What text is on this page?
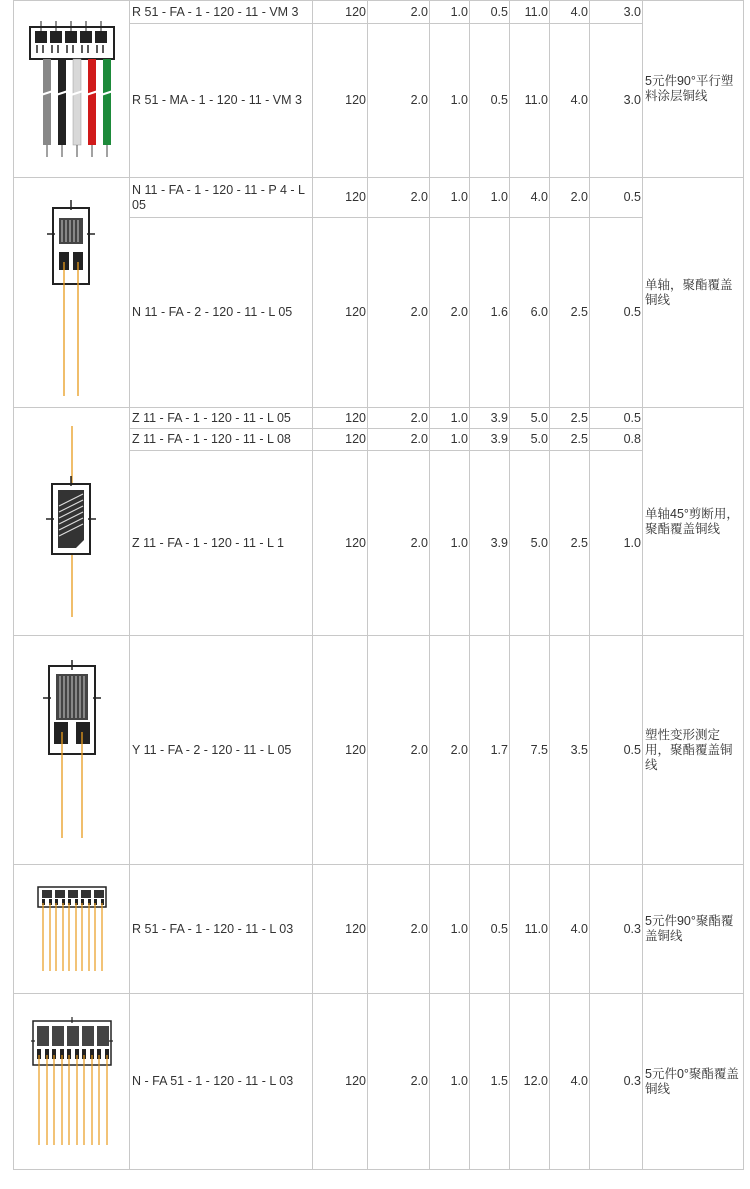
	R 51 - FA - 1 - 120 - 11 - VM 3	120	2.0	1.0	0.5	11.0	4.0	3.0	5元件90°平行塑料涂层铜线
	R 51 - MA - 1 - 120 - 11 - VM 3	120	2.0	1.0	0.5	11.0	4.0	3.0	

	N 11 - FA - 1 - 120 - 11 - P 4 - L 05	120	2.0	1.0	1.0	4.0	2.0	0.5	单轴，聚酯覆盖铜线
	N 11 - FA - 2 - 120 - 11 - L 05	120	2.0	2.0	1.6	6.0	2.5	0.5	

	Z 11 - FA - 1 - 120 - 11 - L 05	120	2.0	1.0	3.9	5.0	2.5	0.5	单轴45°剪断用，聚酯覆盖铜线
	Z 11 - FA - 1 - 120 - 11 - L 08	120	2.0	1.0	3.9	5.0	2.5	0.8	
	Z 11 - FA - 1 - 120 - 11 - L 1	120	2.0	1.0	3.9	5.0	2.5	1.0	

	Y 11 - FA - 2 - 120 - 11 - L 05	120	2.0	2.0	1.7	7.5	3.5	0.5	塑性变形测定用，聚酯覆盖铜线

	R 51 - FA - 1 - 120 - 11 - L 03	120	2.0	1.0	0.5	11.0	4.0	0.3	5元件90°聚酯覆盖铜线

	N - FA 51 - 1 - 120 - 11 - L 03	120	2.0	1.0	1.5	12.0	4.0	0.3	5元件0°聚酯覆盖铜线
